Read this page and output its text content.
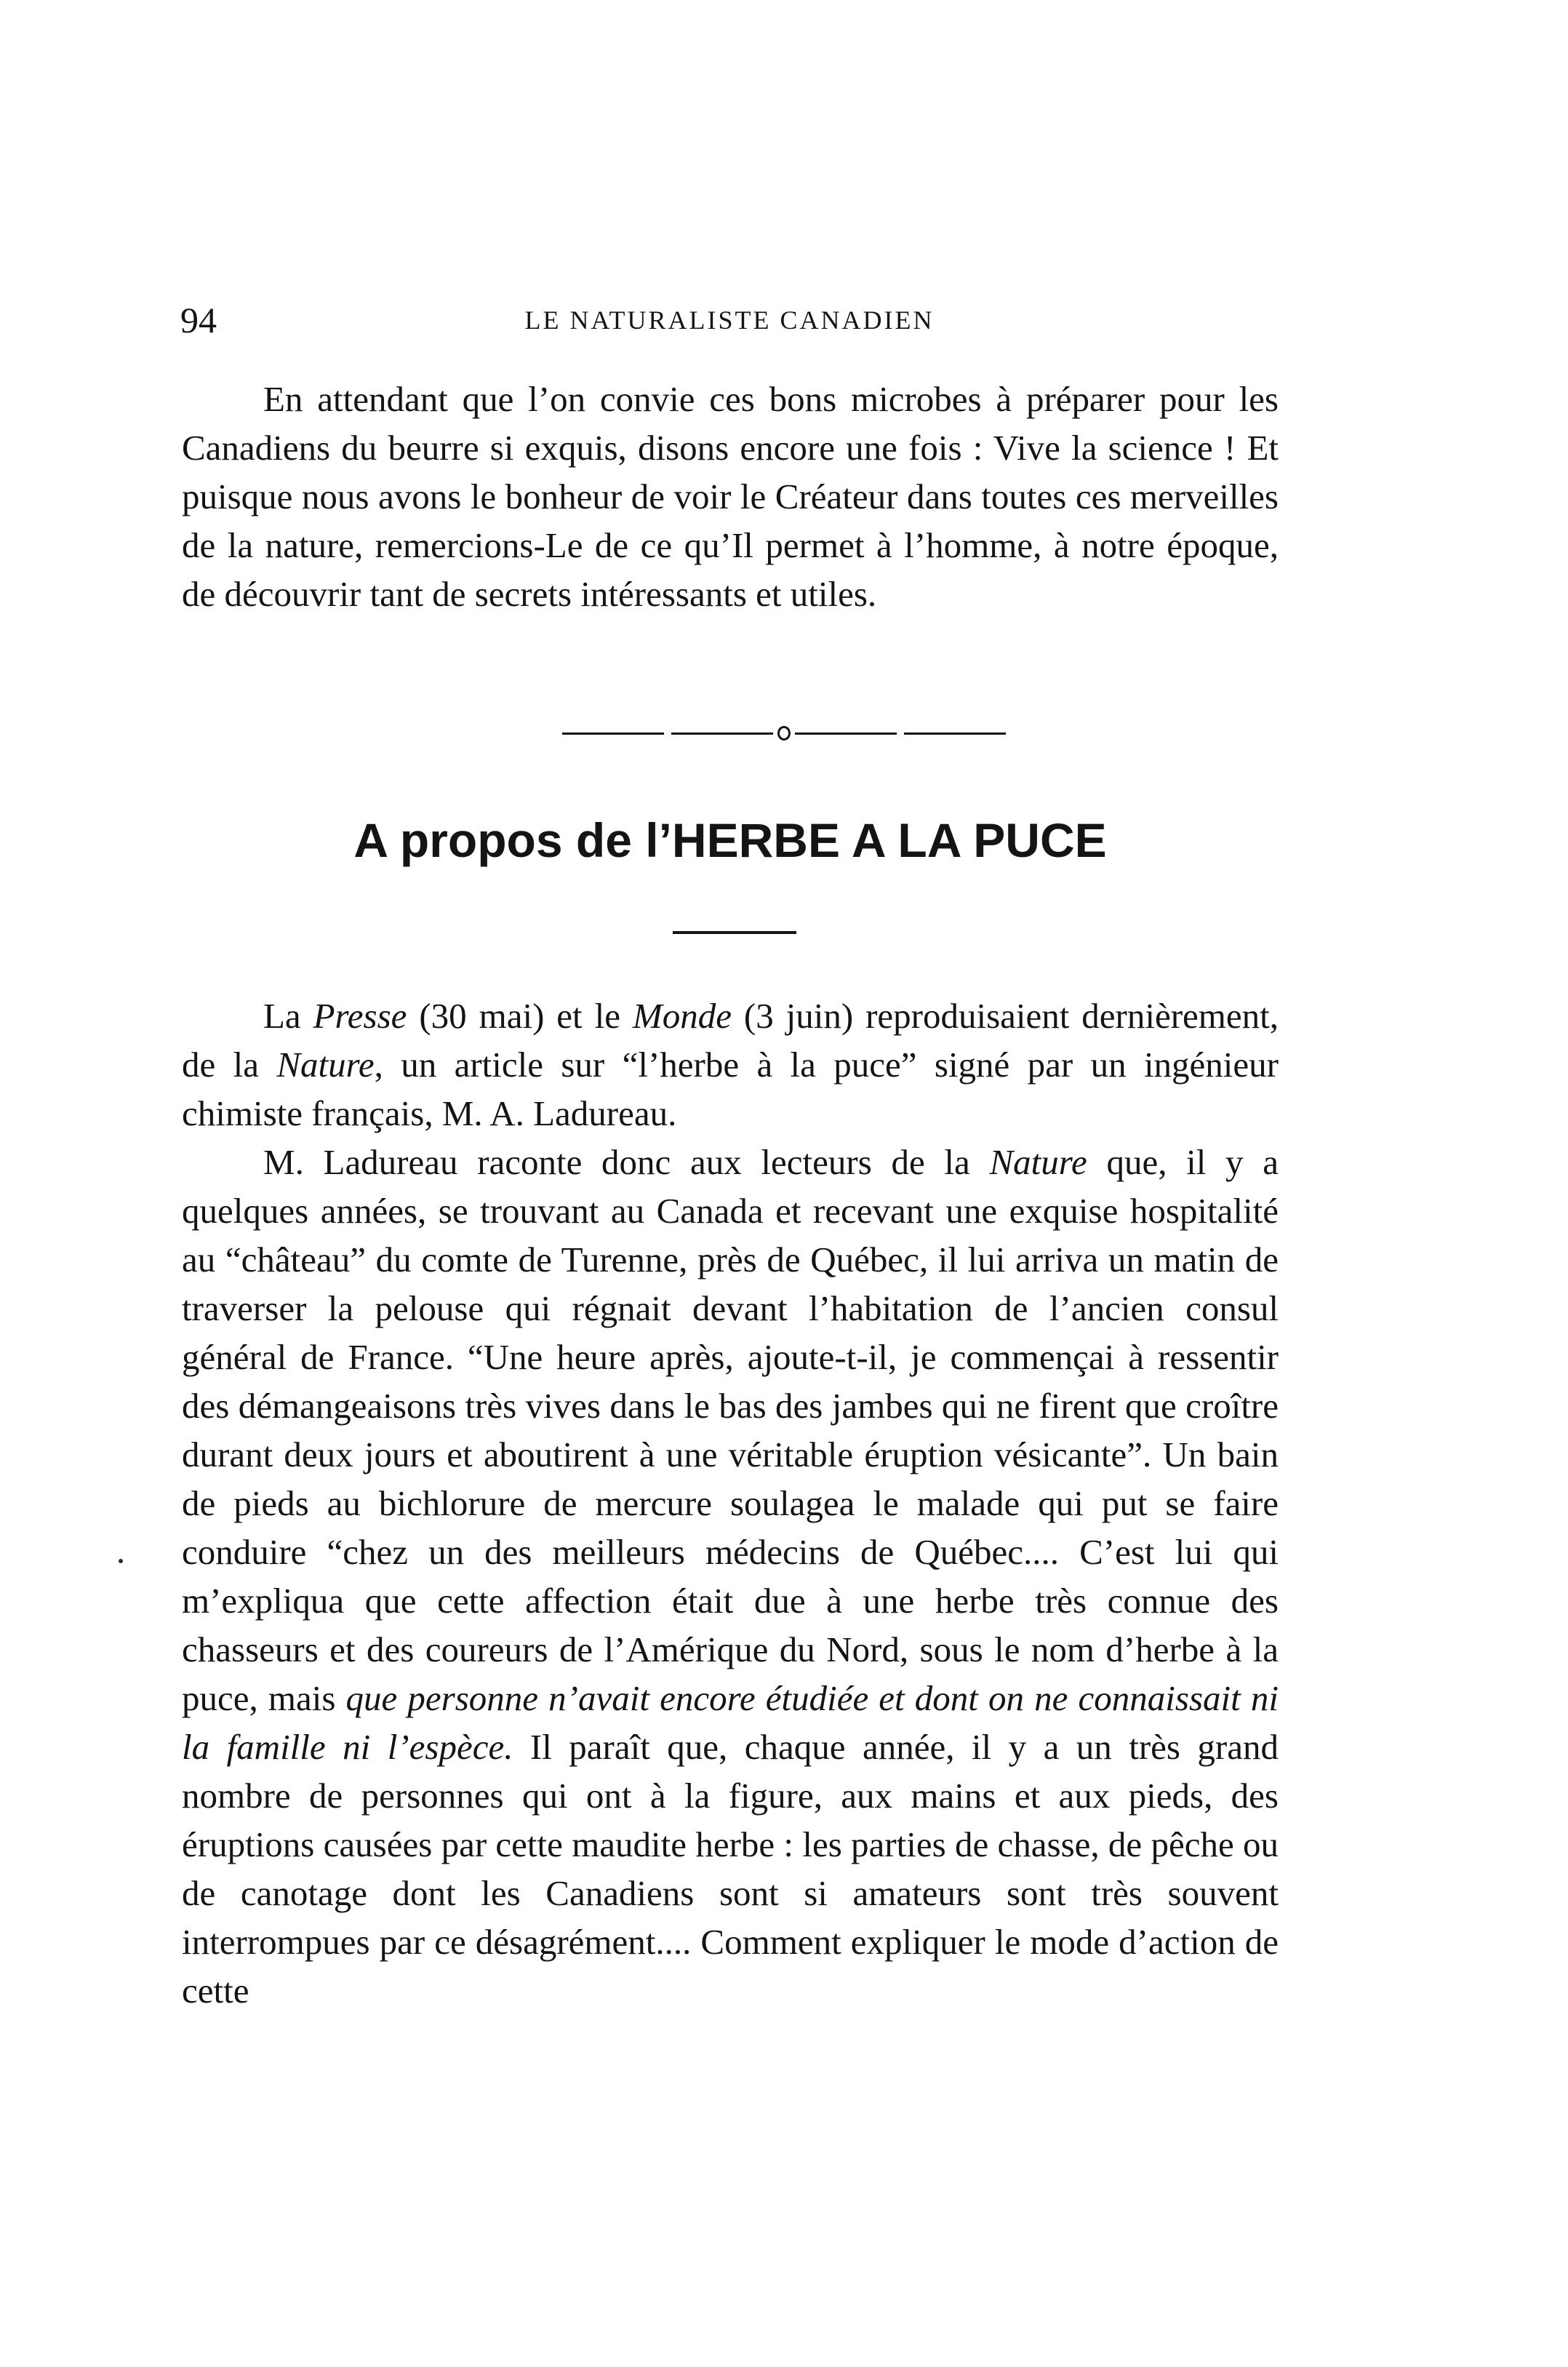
94	LE NATURALISTE CANADIEN

En attendant que l’on convie ces bons microbes à préparer pour les Canadiens du beurre si exquis, disons encore une fois : Vive la science ! Et puisque nous avons le bonheur de voir le Créateur dans toutes ces merveilles de la nature, remercions-Le de ce qu’Il permet à l’homme, à notre époque, de découvrir tant de secrets intéressants et utiles.

A propos de l’HERBE A LA PUCE

La Presse (30 mai) et le Monde (3 juin) reproduisaient dernièrement, de la Nature, un article sur “l’herbe à la puce” signé par un ingénieur chimiste français, M. A. Ladureau.

M. Ladureau raconte donc aux lecteurs de la Nature que, il y a quelques années, se trouvant au Canada et recevant une exquise hospitalité au “château” du comte de Turenne, près de Québec, il lui arriva un matin de traverser la pelouse qui régnait devant l’habitation de l’ancien consul général de France. “Une heure après, ajoute-t-il, je commençai à ressentir des démangeaisons très vives dans le bas des jambes qui ne firent que croître durant deux jours et aboutirent à une véritable éruption vésicante”. Un bain de pieds au bichlorure de mercure soulagea le malade qui put se faire conduire “chez un des meilleurs médecins de Québec.... C’est lui qui m’expliqua que cette affection était due à une herbe très connue des chasseurs et des coureurs de l’Amérique du Nord, sous le nom d’herbe à la puce, mais que personne n’avait encore étudiée et dont on ne connaissait ni la famille ni l’espèce. Il paraît que, chaque année, il y a un très grand nombre de personnes qui ont à la figure, aux mains et aux pieds, des éruptions causées par cette maudite herbe : les parties de chasse, de pêche ou de canotage dont les Canadiens sont si amateurs sont très souvent interrompues par ce désagrément.... Comment expliquer le mode d’action de cette
